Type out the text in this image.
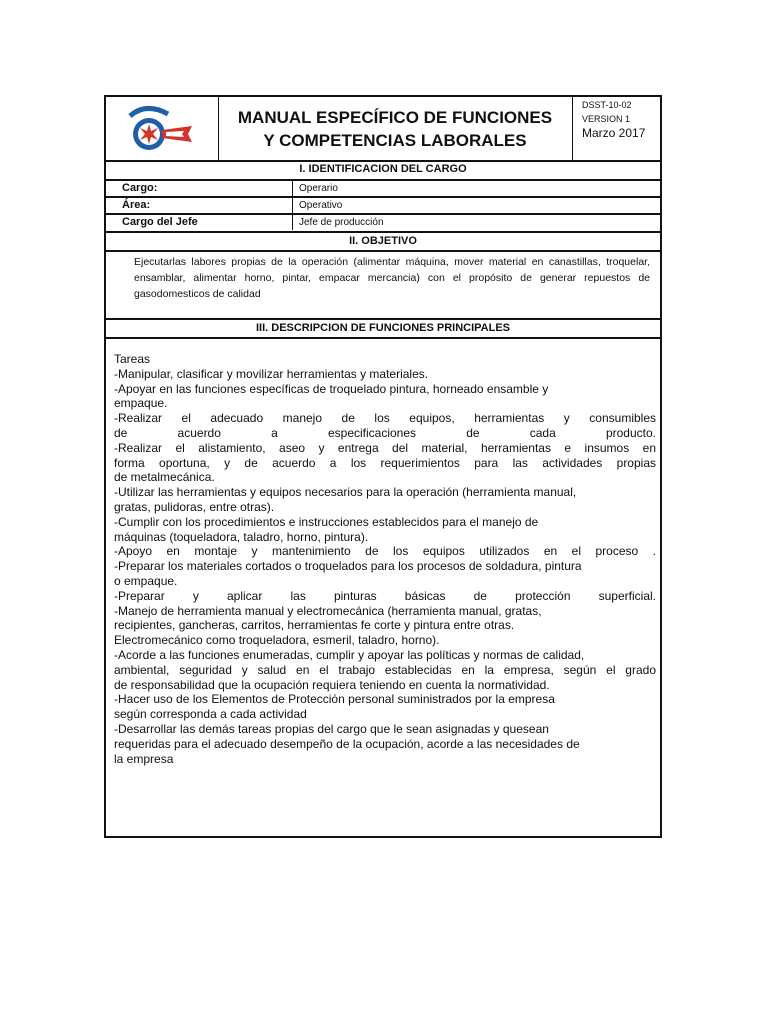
MANUAL ESPECÍFICO DE FUNCIONES
Y COMPETENCIAS LABORALES
DSST-10-02
VERSION 1
Marzo 2017
I. IDENTIFICACION DEL CARGO
Cargo:	Operario
Área:	Operativo
Cargo del Jefe	Jefe de producción
II. OBJETIVO
Ejecutarlas labores propias de la operación (alimentar máquina, mover material en canastillas, troquelar, ensamblar, alimentar horno, pintar, empacar mercancia) con el propósito de generar repuestos de gasodomesticos de calidad
III. DESCRIPCION DE FUNCIONES PRINCIPALES
Tareas
-Manipular, clasificar y movilizar herramientas y materiales.
-Apoyar en las funciones específicas de troquelado pintura, horneado ensamble y
empaque.
-Realizar el adecuado manejo de los equipos, herramientas y consumibles
de acuerdo a especificaciones de cada producto.
-Realizar el alistamiento, aseo y entrega del material, herramientas e insumos en
forma oportuna, y de acuerdo a los requerimientos para las actividades propias
de metalmecánica.
-Utilizar las herramientas y equipos necesarios para la operación (herramienta manual,
gratas, pulidoras, entre otras).
-Cumplir con los procedimientos e instrucciones establecidos para el manejo de
máquinas (toqueladora, taladro, horno, pintura).
-Apoyo en montaje y mantenimiento de los equipos utilizados en el proceso .
-Preparar los materiales cortados o troquelados para los procesos de soldadura, pintura
o empaque.
-Preparar y aplicar las pinturas básicas de protección superficial.
-Manejo de herramienta manual y electromecánica (herramienta manual, gratas,
recipientes, gancheras, carritos, herramientas fe corte y pintura entre otras.
Electromecánico como troqueladora, esmeril, taladro, horno).
-Acorde a las funciones enumeradas, cumplir y apoyar las políticas y normas de calidad,
ambiental, seguridad y salud en el trabajo establecidas en la empresa, según el grado
de responsabilidad que la ocupación requiera teniendo en cuenta la normatividad.
-Hacer uso de los Elementos de Protección personal suministrados por la empresa
según corresponda a cada actividad
-Desarrollar las demás tareas propias del cargo que le sean asignadas y quesean
requeridas para el adecuado desempeño de la ocupación, acorde a las necesidades de
la empresa
